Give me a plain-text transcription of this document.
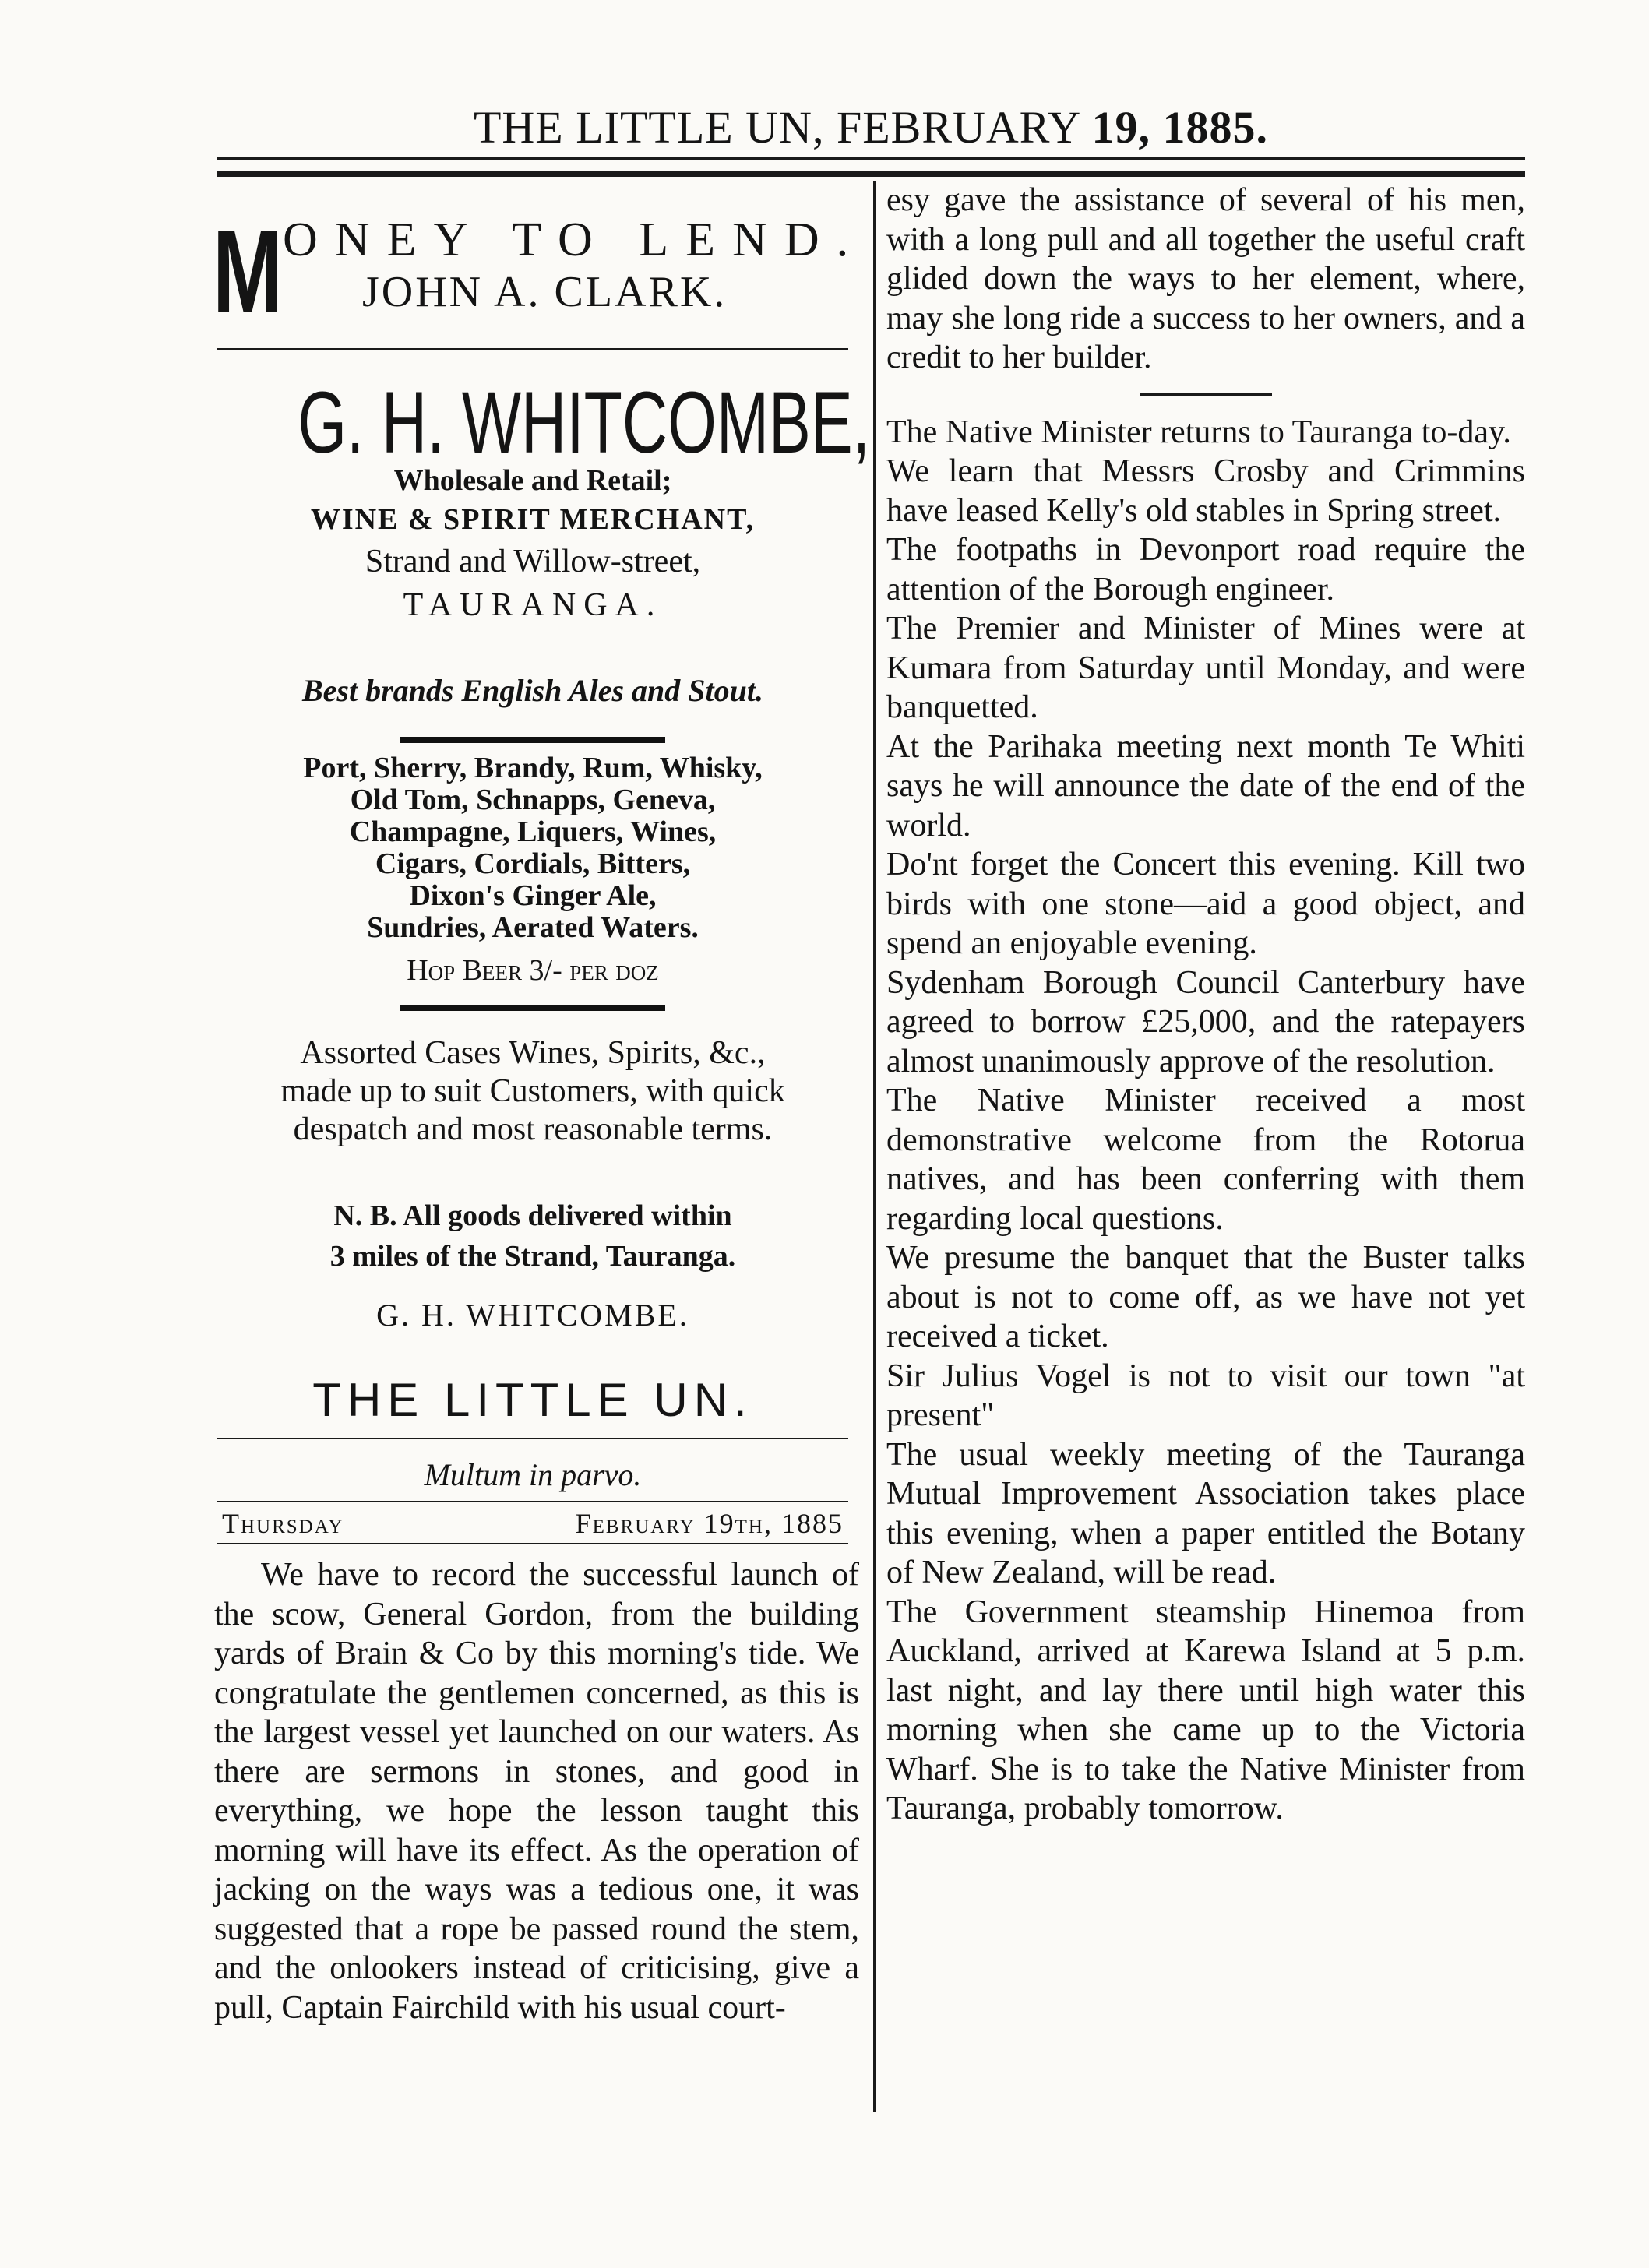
THE LITTLE UN, FEBRUARY 19, 1885.
M ONEY TO LEND.
JOHN A. CLARK.
G. H. WHITCOMBE,
Wholesale and Retail;
WINE & SPIRIT MERCHANT,
Strand and Willow-street,
TAURANGA.
Best brands English Ales and Stout.
Port, Sherry, Brandy, Rum, Whisky,
Old Tom, Schnapps, Geneva,
Champagne, Liquers, Wines,
Cigars, Cordials, Bitters,
Dixon's Ginger Ale,
Sundries, Aerated Waters.
Hop Beer 3/- per doz
Assorted Cases Wines, Spirits, &c.,
made up to suit Customers, with quick
despatch and most reasonable terms.
N. B. All goods delivered within
3 miles of the Strand, Tauranga.
G. H. WHITCOMBE.
THE LITTLE UN.
Multum in parvo.
Thursday	February 19th, 1885

We have to record the successful launch of the scow, General Gordon, from the building yards of Brain & Co by this morning's tide. We congratulate the gentlemen concerned, as this is the largest vessel yet launched on our waters. As there are sermons in stones, and good in everything, we hope the lesson taught this morning will have its effect. As the operation of jacking on the ways was a tedious one, it was suggested that a rope be passed round the stem, and the onlookers instead of criticising, give a pull, Captain Fairchild with his usual court-

esy gave the assistance of several of his men, with a long pull and all together the useful craft glided down the ways to her element, where, may she long ride a success to her owners, and a credit to her builder.

The Native Minister returns to Tauranga to-day.

We learn that Messrs Crosby and Crimmins have leased Kelly's old stables in Spring street.

The footpaths in Devonport road require the attention of the Borough engineer.

The Premier and Minister of Mines were at Kumara from Saturday until Monday, and were banquetted.

At the Parihaka meeting next month Te Whiti says he will announce the date of the end of the world.

Do'nt forget the Concert this evening. Kill two birds with one stone—aid a good object, and spend an enjoyable evening.

Sydenham Borough Council Canterbury have agreed to borrow £25,000, and the ratepayers almost unanimously approve of the resolution.

The Native Minister received a most demonstrative welcome from the Rotorua natives, and has been conferring with them regarding local questions.

We presume the banquet that the Buster talks about is not to come off, as we have not yet received a ticket.

Sir Julius Vogel is not to visit our town "at present"

The usual weekly meeting of the Tauranga Mutual Improvement Association takes place this evening, when a paper entitled the Botany of New Zealand, will be read.

The Government steamship Hinemoa from Auckland, arrived at Karewa Island at 5 p.m. last night, and lay there until high water this morning when she came up to the Victoria Wharf. She is to take the Native Minister from Tauranga, probably tomorrow.
